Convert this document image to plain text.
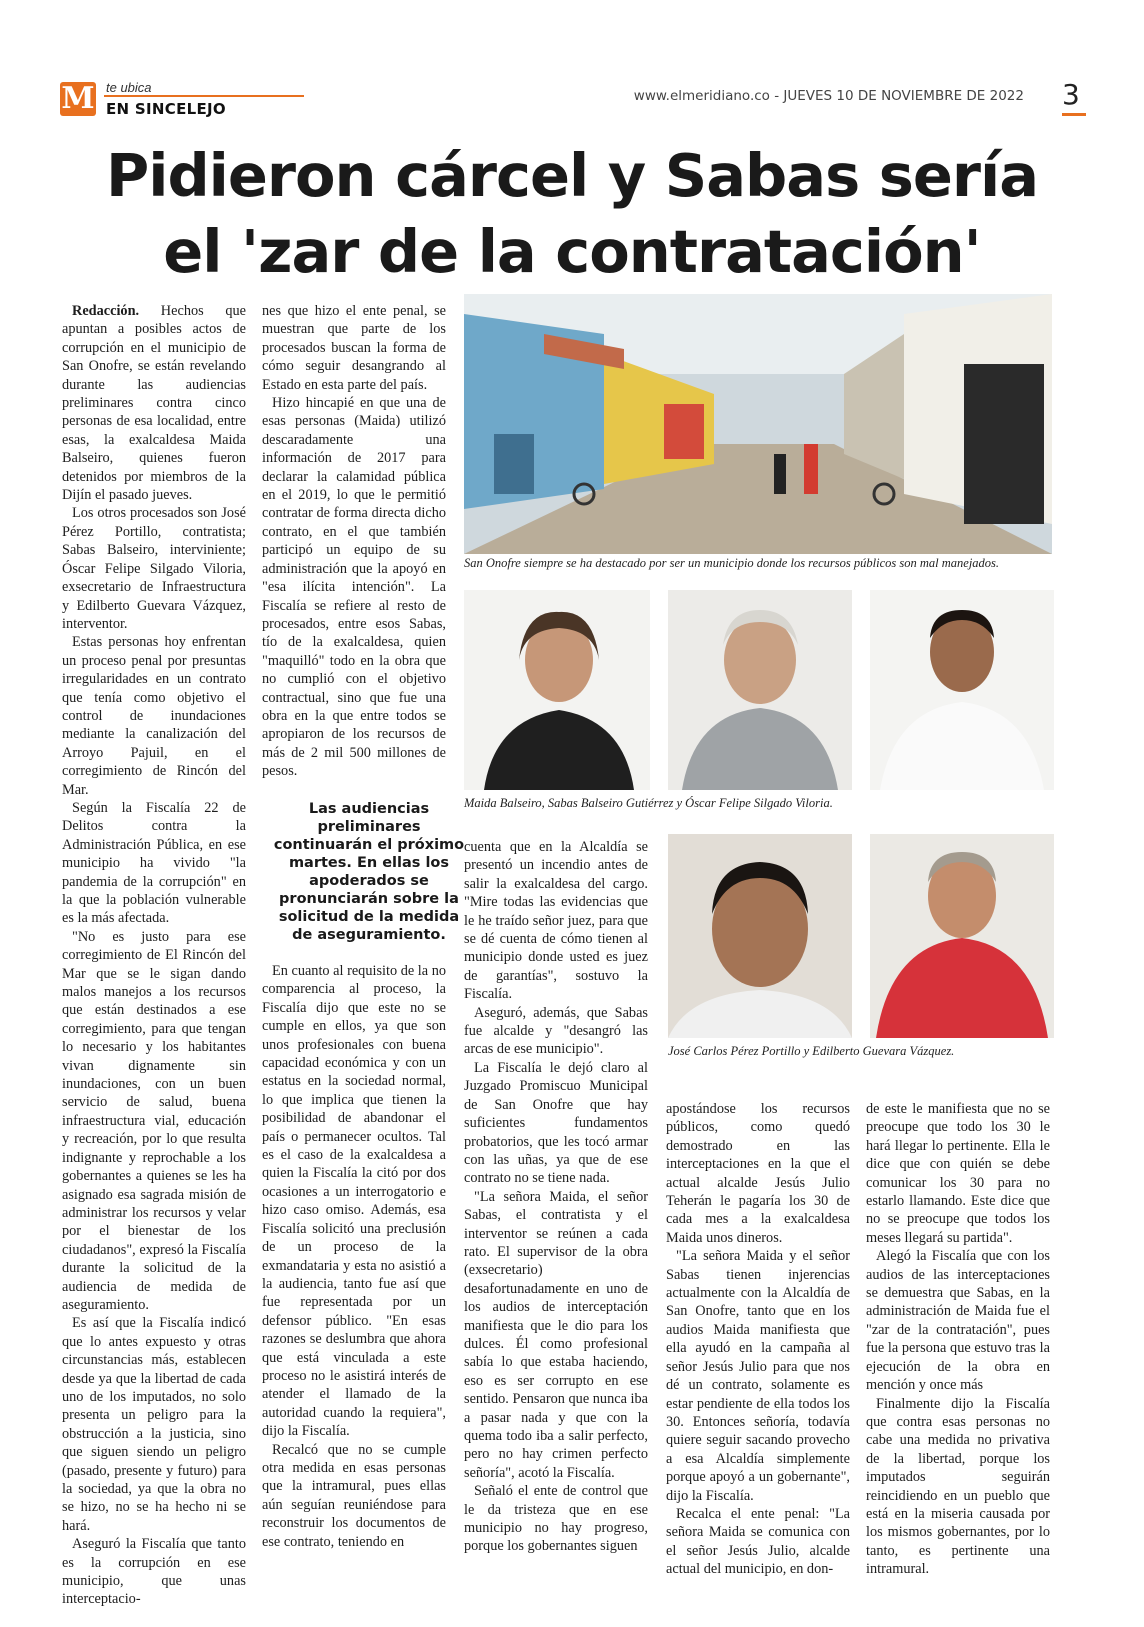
M te ubica
EN SINCELEJO
www.elmeridiano.co - JUEVES 10 DE NOVIEMBRE DE 2022 3
Pidieron cárcel y Sabas sería
el 'zar de la contratación'

Redacción. Hechos que apuntan a posibles actos de corrupción en el municipio de San Onofre, se están revelando durante las audiencias preliminares contra cinco personas de esa localidad, entre esas, la exalcaldesa Maida Balseiro, quienes fueron detenidos por miembros de la Dijín el pasado jueves.

Los otros procesados son José Pérez Portillo, contratista; Sabas Balseiro, interviniente; Óscar Felipe Silgado Viloria, exsecretario de Infraestructura y Edilberto Guevara Vázquez, interventor.

Estas personas hoy enfrentan un proceso penal por presuntas irregularidades en un contrato que tenía como objetivo el control de inundaciones mediante la canalización del Arroyo Pajuil, en el corregimiento de Rincón del Mar.

Según la Fiscalía 22 de Delitos contra la Administración Pública, en ese municipio ha vivido "la pandemia de la corrupción" en la que la población vulnerable es la más afectada.

"No es justo para ese corregimiento de El Rincón del Mar que se le sigan dando malos manejos a los recursos que están destinados a ese corregimiento, para que tengan lo necesario y los habitantes vivan dignamente sin inundaciones, con un buen servicio de salud, buena infraestructura vial, educación y recreación, por lo que resulta indignante y reprochable a los gobernantes a quienes se les ha asignado esa sagrada misión de administrar los recursos y velar por el bienestar de los ciudadanos", expresó la Fiscalía durante la solicitud de la audiencia de medida de aseguramiento.

Es así que la Fiscalía indicó que lo antes expuesto y otras circunstancias más, establecen desde ya que la libertad de cada uno de los imputados, no solo presenta un peligro para la obstrucción a la justicia, sino que siguen siendo un peligro (pasado, presente y futuro) para la sociedad, ya que la obra no se hizo, no se ha hecho ni se hará.

Aseguró la Fiscalía que tanto es la corrupción en ese municipio, que unas interceptacio-

nes que hizo el ente penal, se muestran que parte de los procesados buscan la forma de cómo seguir desangrando al Estado en esta parte del país.

Hizo hincapié en que una de esas personas (Maida) utilizó descaradamente una información de 2017 para declarar la calamidad pública en el 2019, lo que le permitió contratar de forma directa dicho contrato, en el que también participó un equipo de su administración que la apoyó en "esa ilícita intención". La Fiscalía se refiere al resto de procesados, entre esos Sabas, tío de la exalcaldesa, quien "maquilló" todo en la obra que no cumplió con el objetivo contractual, sino que fue una obra en la que entre todos se apropiaron de los recursos de más de 2 mil 500 millones de pesos.

Las audiencias preliminares continuarán el próximo martes. En ellas los apoderados se pronunciarán sobre la solicitud de la medida de aseguramiento.

En cuanto al requisito de la no comparencia al proceso, la Fiscalía dijo que este no se cumple en ellos, ya que son unos profesionales con buena capacidad económica y con un estatus en la sociedad normal, lo que implica que tienen la posibilidad de abandonar el país o permanecer ocultos. Tal es el caso de la exalcaldesa a quien la Fiscalía la citó por dos ocasiones a un interrogatorio e hizo caso omiso. Además, esa Fiscalía solicitó una preclusión de un proceso de la exmandataria y esta no asistió a la audiencia, tanto fue así que fue representada por un defensor público. "En esas razones se deslumbra que ahora que está vinculada a este proceso no le asistirá interés de atender el llamado de la autoridad cuando la requiera", dijo la Fiscalía.

Recalcó que no se cumple otra medida en esas personas que la intramural, pues ellas aún seguían reuniéndose para reconstruir los documentos de ese contrato, teniendo en

cuenta que en la Alcaldía se presentó un incendio antes de salir la exalcaldesa del cargo. "Mire todas las evidencias que le he traído señor juez, para que se dé cuenta de cómo tienen al municipio donde usted es juez de garantías", sostuvo la Fiscalía.

Aseguró, además, que Sabas fue alcalde y "desangró las arcas de ese municipio".

La Fiscalía le dejó claro al Juzgado Promiscuo Municipal de San Onofre que hay suficientes fundamentos probatorios, que les tocó armar con las uñas, ya que de ese contrato no se tiene nada.

"La señora Maida, el señor Sabas, el contratista y el interventor se reúnen a cada rato. El supervisor de la obra (exsecretario) desafortunadamente en uno de los audios de interceptación manifiesta que le dio para los dulces. Él como profesional sabía lo que estaba haciendo, eso es ser corrupto en ese sentido. Pensaron que nunca iba a pasar nada y que con la quema todo iba a salir perfecto, pero no hay crimen perfecto señoría", acotó la Fiscalía.

Señaló el ente de control que le da tristeza que en ese municipio no hay progreso, porque los gobernantes siguen

apostándose los recursos públicos, como quedó demostrado en las interceptaciones en la que el actual alcalde Jesús Julio Teherán le pagaría los 30 de cada mes a la exalcaldesa Maida unos dineros.

"La señora Maida y el señor Sabas tienen injerencias actualmente con la Alcaldía de San Onofre, tanto que en los audios Maida manifiesta que ella ayudó en la campaña al señor Jesús Julio para que nos dé un contrato, solamente es estar pendiente de ella todos los 30. Entonces señoría, todavía quiere seguir sacando provecho a esa Alcaldía simplemente porque apoyó a un gobernante", dijo la Fiscalía.

Recalca el ente penal: "La señora Maida se comunica con el señor Jesús Julio, alcalde actual del municipio, en don-

de este le manifiesta que no se preocupe que todo los 30 le hará llegar lo pertinente. Ella le dice que con quién se debe comunicar los 30 para no estarlo llamando. Este dice que no se preocupe que todos los meses llegará su partida".

Alegó la Fiscalía que con los audios de las interceptaciones se demuestra que Sabas, en la administración de Maida fue el "zar de la contratación", pues fue la persona que estuvo tras la ejecución de la obra en mención y once más

Finalmente dijo la Fiscalía que contra esas personas no cabe una medida no privativa de la libertad, porque los imputados seguirán reincidiendo en un pueblo que está en la miseria causada por los mismos gobernantes, por lo tanto, es pertinente una intramural.

San Onofre siempre se ha destacado por ser un municipio donde los recursos públicos son mal manejados.
Maida Balseiro, Sabas Balseiro Gutiérrez y Óscar Felipe Silgado Viloria.
José Carlos Pérez Portillo y Edilberto Guevara Vázquez.
